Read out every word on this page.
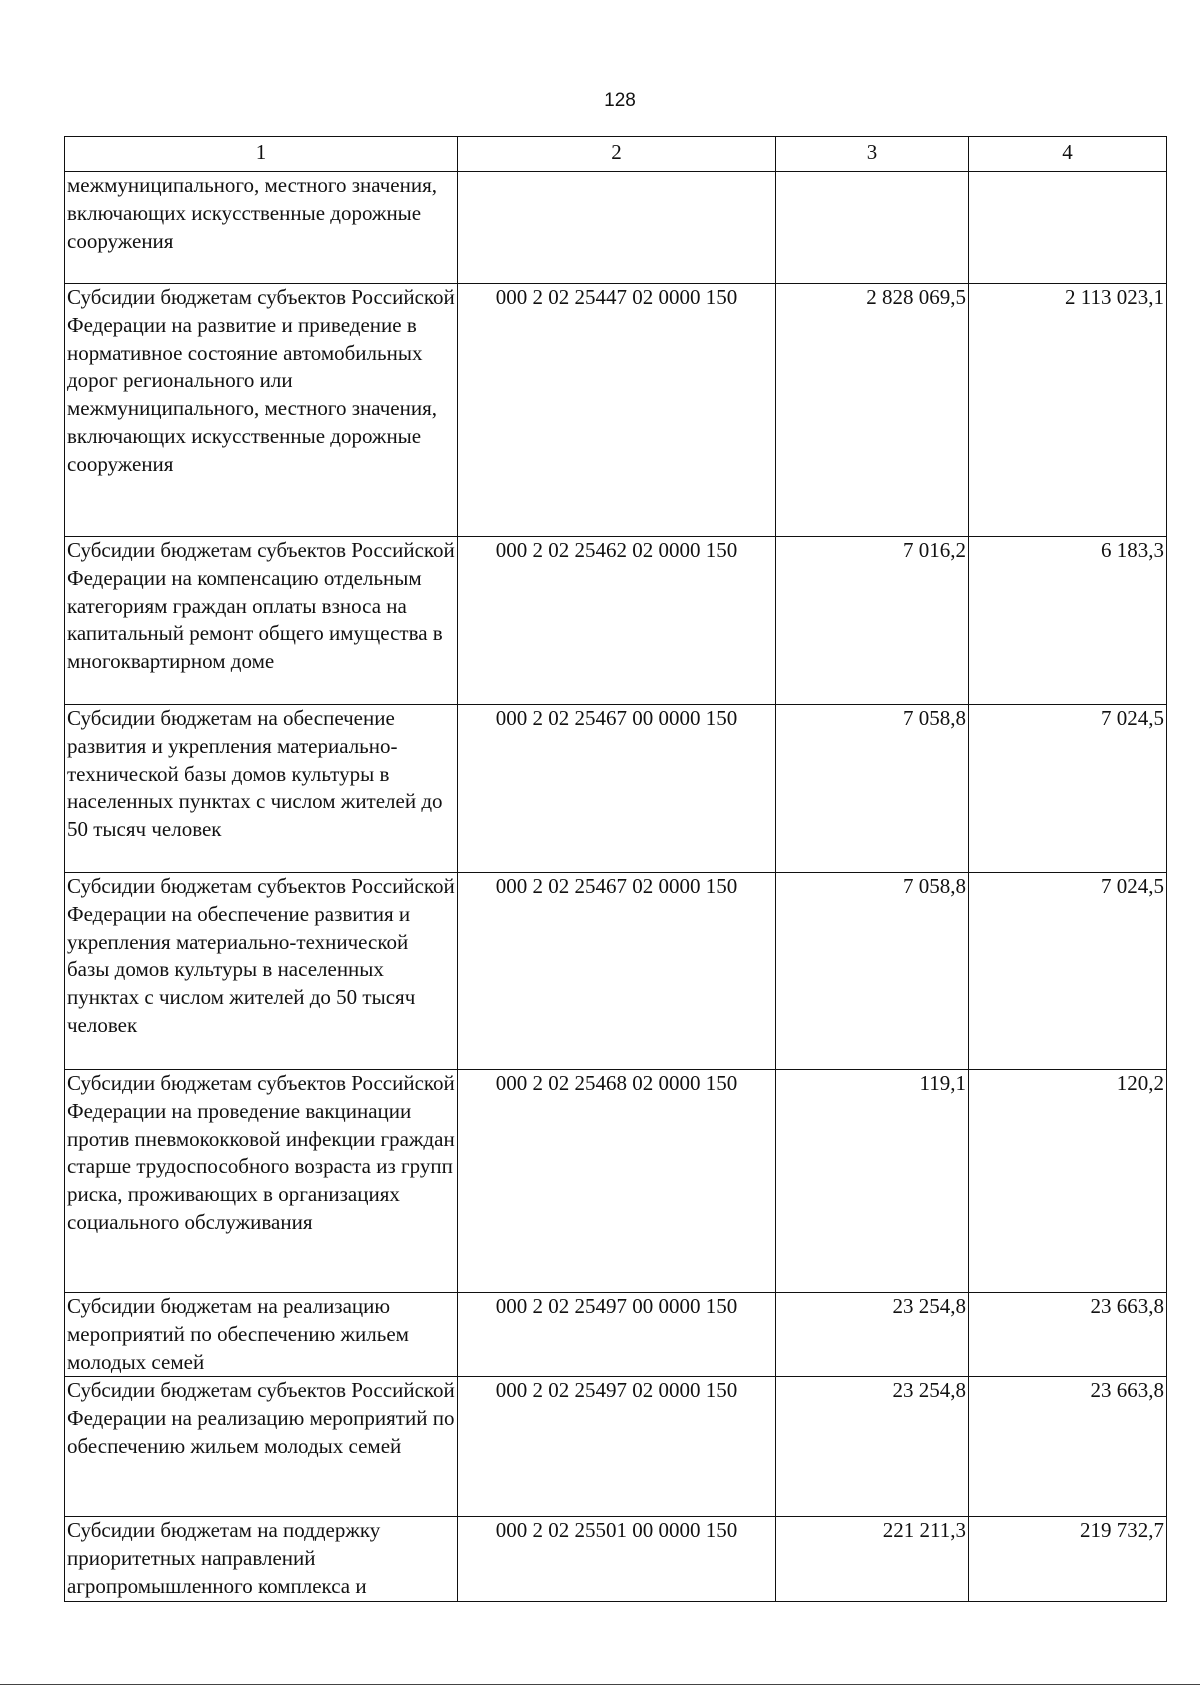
128
1	2	3	4
межмуниципального, местного значения, включающих искусственные дорожные сооружения			
Субсидии бюджетам субъектов Российской Федерации на развитие и приведение в нормативное состояние автомобильных дорог регионального или межмуниципального, местного значения, включающих искусственные дорожные сооружения	000 2 02 25447 02 0000 150	2 828 069,5	2 113 023,1
Субсидии бюджетам субъектов Российской Федерации на компенсацию отдельным категориям граждан оплаты взноса на капитальный ремонт общего имущества в многоквартирном доме	000 2 02 25462 02 0000 150	7 016,2	6 183,3
Субсидии бюджетам на обеспечение развития и укрепления материально-технической базы домов культуры в населенных пунктах с числом жителей до 50 тысяч человек	000 2 02 25467 00 0000 150	7 058,8	7 024,5
Субсидии бюджетам субъектов Российской Федерации на обеспечение развития и укрепления материально-технической базы домов культуры в населенных пунктах с числом жителей до 50 тысяч человек	000 2 02 25467 02 0000 150	7 058,8	7 024,5
Субсидии бюджетам субъектов Российской Федерации на проведение вакцинации против пневмококковой инфекции граждан старше трудоспособного возраста из групп риска, проживающих в организациях социального обслуживания	000 2 02 25468 02 0000 150	119,1	120,2
Субсидии бюджетам на реализацию мероприятий по обеспечению жильем молодых семей	000 2 02 25497 00 0000 150	23 254,8	23 663,8
Субсидии бюджетам субъектов Российской Федерации на реализацию мероприятий по обеспечению жильем молодых семей	000 2 02 25497 02 0000 150	23 254,8	23 663,8
Субсидии бюджетам на поддержку приоритетных направлений агропромышленного комплекса и	000 2 02 25501 00 0000 150	221 211,3	219 732,7
